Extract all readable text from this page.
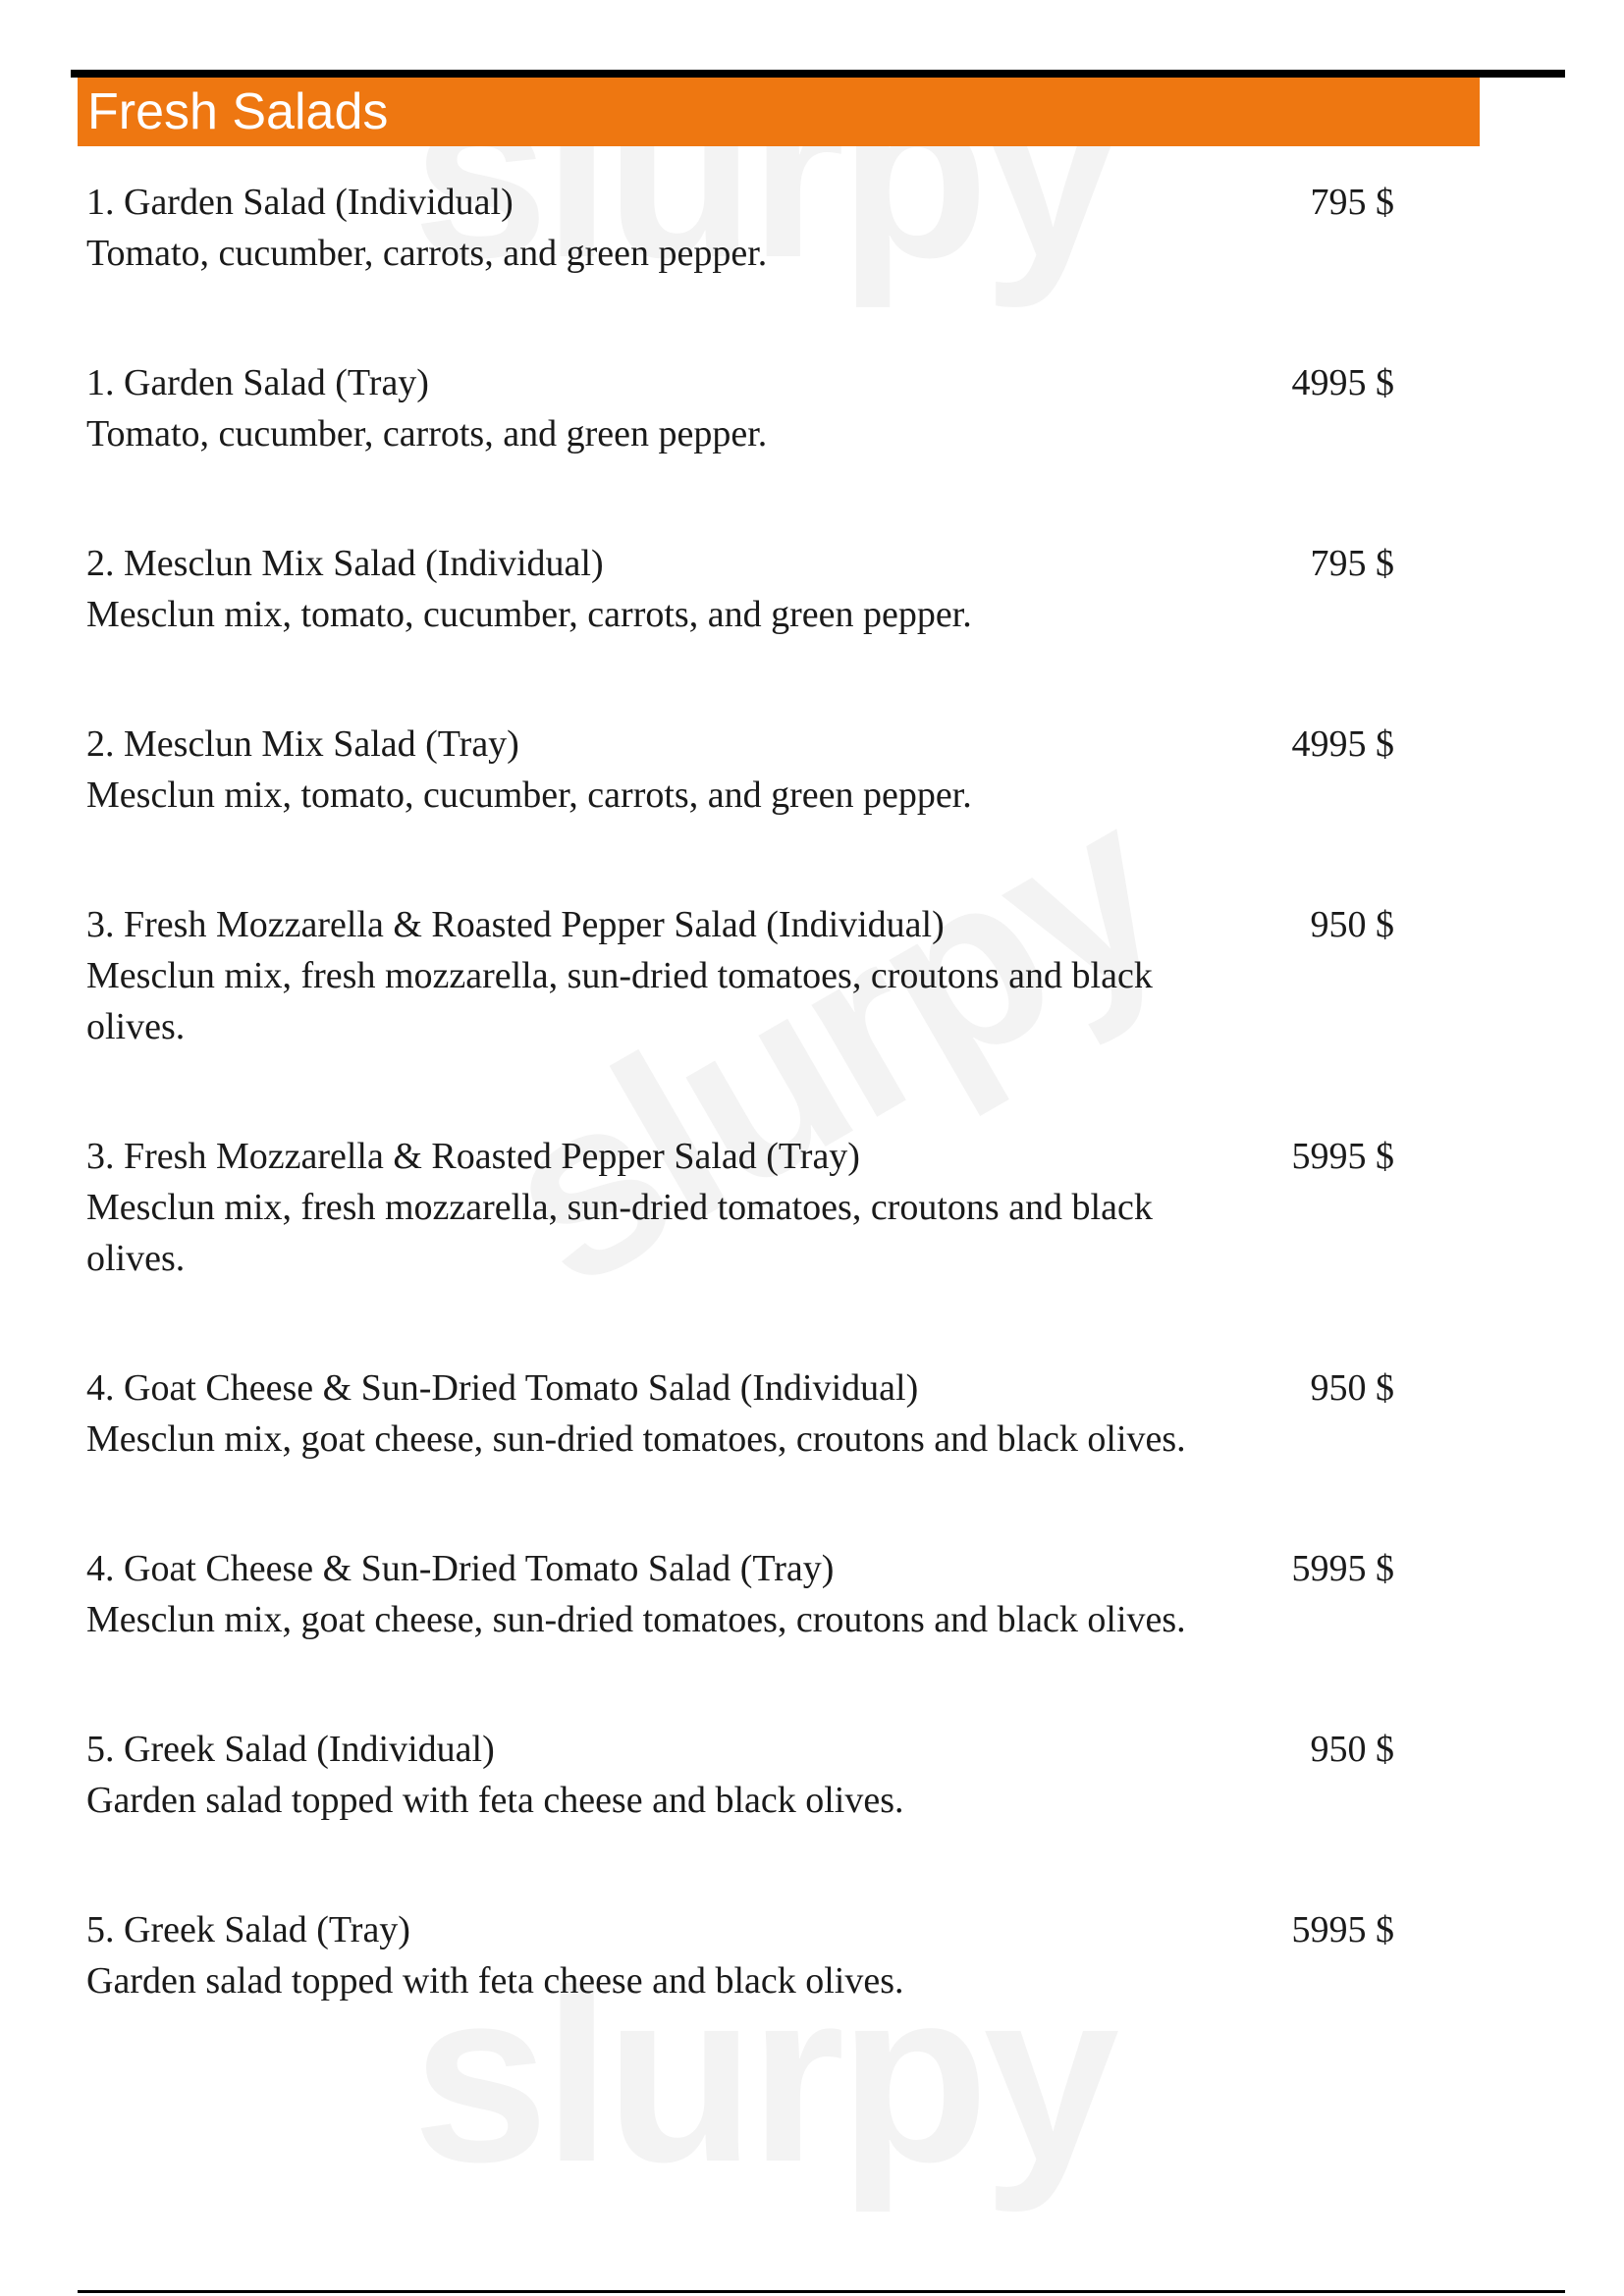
Fresh Salads
1. Garden Salad (Individual)	795 $
Tomato, cucumber, carrots, and green pepper.
1. Garden Salad (Tray)	4995 $
Tomato, cucumber, carrots, and green pepper.
2. Mesclun Mix Salad (Individual)	795 $
Mesclun mix, tomato, cucumber, carrots, and green pepper.
2. Mesclun Mix Salad (Tray)	4995 $
Mesclun mix, tomato, cucumber, carrots, and green pepper.
3. Fresh Mozzarella & Roasted Pepper Salad (Individual)	950 $
Mesclun mix, fresh mozzarella, sun-dried tomatoes, croutons and black olives.
3. Fresh Mozzarella & Roasted Pepper Salad (Tray)	5995 $
Mesclun mix, fresh mozzarella, sun-dried tomatoes, croutons and black olives.
4. Goat Cheese & Sun-Dried Tomato Salad (Individual)	950 $
Mesclun mix, goat cheese, sun-dried tomatoes, croutons and black olives.
4. Goat Cheese & Sun-Dried Tomato Salad (Tray)	5995 $
Mesclun mix, goat cheese, sun-dried tomatoes, croutons and black olives.
5. Greek Salad (Individual)	950 $
Garden salad topped with feta cheese and black olives.
5. Greek Salad (Tray)	5995 $
Garden salad topped with feta cheese and black olives.
